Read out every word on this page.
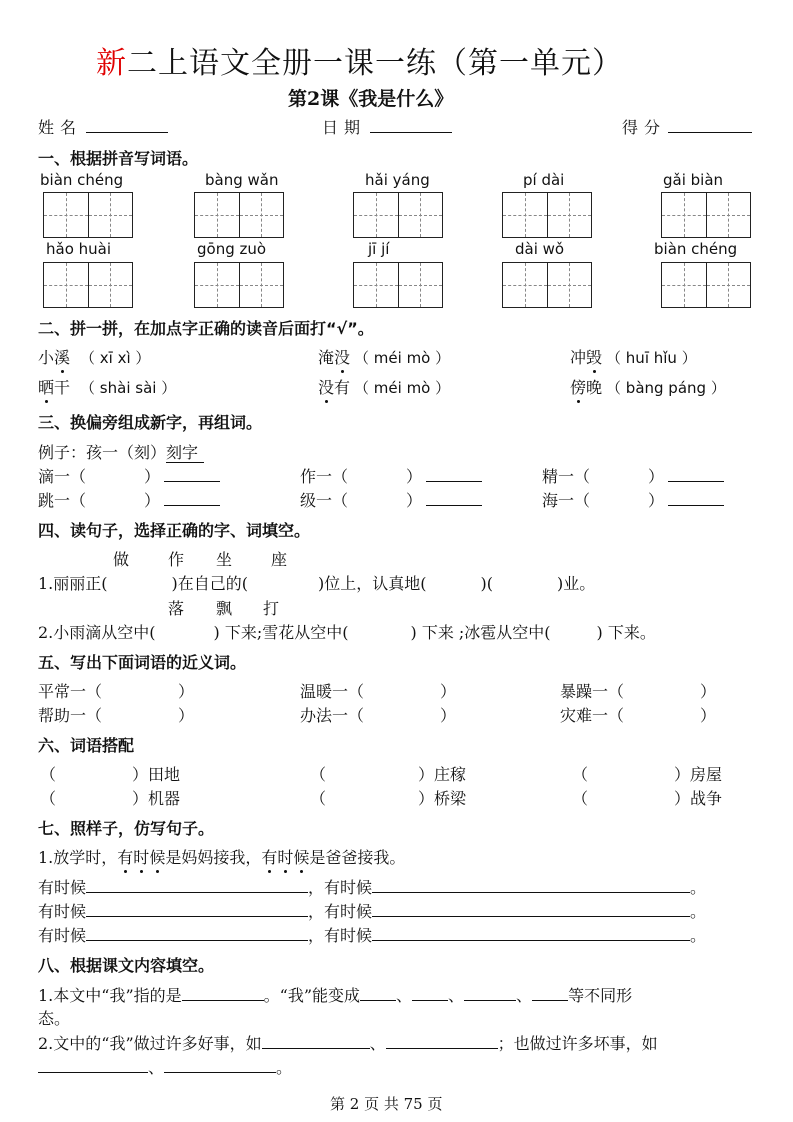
新二上语文全册一课一练（第一单元）
第2课《我是什么》
姓名	日期	得分
一、根据拼音写词语。
biàn chéng	bàng wǎn	hǎi yáng	pí dài	gǎi biàn
hǎo huài	gōng zuò	jī jí	dài wǒ	biàn chéng
二、拼一拼，在加点字正确的读音后面打“√”。
小溪 （ xī xì ）	淹没 （ méi mò ）	冲毁 （ huī hǐu ）
晒干 （ shài sài ）	没有 （ méi mò ）	傍晚 （ bàng páng ）
三、换偏旁组成新字，再组词。
例子：孩一（刻）刻字
滴一（	）	作一（	）	精一（	）
跳一（	）	级一（	）	海一（	）
四、读句子，选择正确的字、词填空。
做 作 坐 座
1.丽丽正(	)在自己的(	)位上，认真地(	)(	)业。
落 飘 打
2.小雨滴从空中(	) 下来;雪花从空中(	) 下来 ;冰雹从空中(	) 下来。
五、写出下面词语的近义词。
平常一（	）	温暖一（	）	暴躁一（	）
帮助一（	）	办法一（	）	灾难一（	）
六、词语搭配
（	）田地	（	）庄稼	（	）房屋
（	）机器	（	）桥梁	（	）战争
七、照样子，仿写句子。
1.放学时，有时候是妈妈接我，有时候是爸爸接我。
有时候	，有时候	。
有时候	，有时候	。
有时候	，有时候	。
八、根据课文内容填空。
1.本文中“我”指的是	。“我”能变成 、 、	、 等不同形
态。
2.文中的“我”做过许多好事，如	、	；也做过许多坏事，如
、	。
第 2 页 共 75 页
